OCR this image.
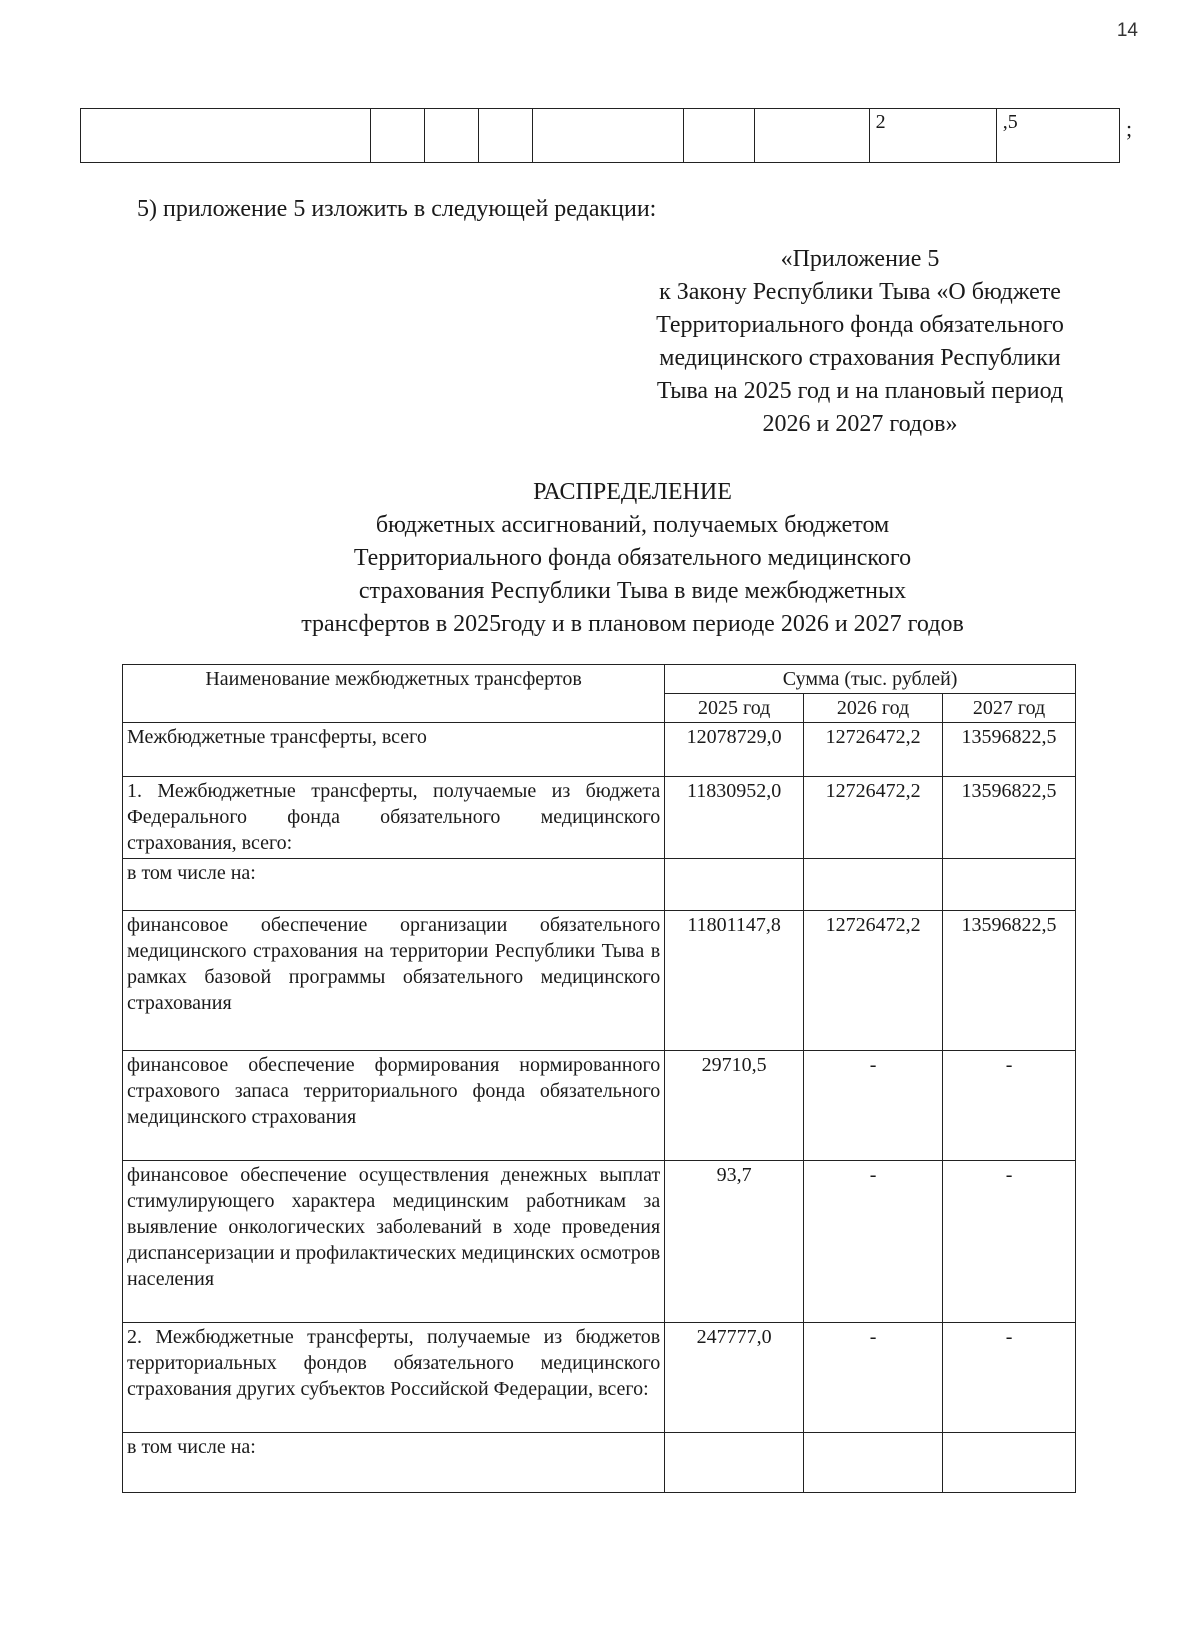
14
							2	,5	;
5) приложение 5 изложить в следующей редакции:
«Приложение 5
к Закону Республики Тыва «О бюджете
Территориального фонда обязательного
медицинского страхования Республики
Тыва на 2025 год и на плановый период
2026 и 2027 годов»
РАСПРЕДЕЛЕНИЕ
бюджетных ассигнований, получаемых бюджетом
Территориального фонда обязательного медицинского
страхования Республики Тыва в виде межбюджетных
трансфертов в 2025году и в плановом периоде 2026 и 2027 годов
Наименование межбюджетных трансфертов	Сумма (тыс. рублей)		
	2025 год	2026 год	2027 год
Межбюджетные трансферты, всего	12078729,0	12726472,2	13596822,5
1. Межбюджетные трансферты, получаемые из бюджета Федерального фонда обязательного медицинского страхования, всего:	11830952,0	12726472,2	13596822,5
в том числе на:			
финансовое обеспечение организации обязательного медицинского страхования на территории Республики Тыва в рамках базовой программы обязательного медицинского страхования	11801147,8	12726472,2	13596822,5
финансовое обеспечение формирования нормированного страхового запаса территориального фонда обязательного медицинского страхования	29710,5	-	-
финансовое обеспечение осуществления денежных выплат стимулирующего характера медицинским работникам за выявление онкологических заболеваний в ходе проведения диспансеризации и профилактических медицинских осмотров населения	93,7	-	-
2. Межбюджетные трансферты, получаемые из бюджетов территориальных фондов обязательного медицинского страхования других субъектов Российской Федерации, всего:	247777,0	-	-
в том числе на:			
